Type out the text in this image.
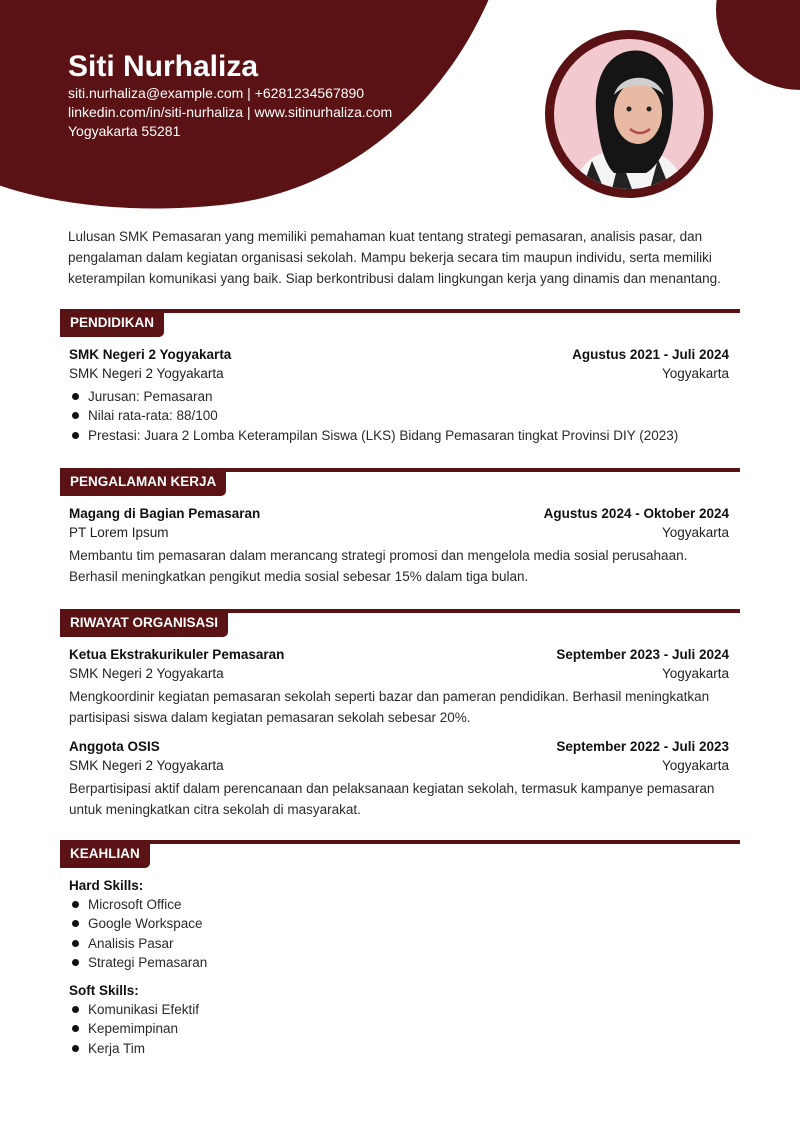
Siti Nurhaliza
siti.nurhaliza@example.com | +6281234567890
linkedin.com/in/siti-nurhaliza | www.sitinurhaliza.com
Yogyakarta 55281

Lulusan SMK Pemasaran yang memiliki pemahaman kuat tentang strategi pemasaran, analisis pasar, dan pengalaman dalam kegiatan organisasi sekolah. Mampu bekerja secara tim maupun individu, serta memiliki keterampilan komunikasi yang baik. Siap berkontribusi dalam lingkungan kerja yang dinamis dan menantang.

PENDIDIKAN
SMK Negeri 2 Yogyakarta	Agustus 2021 - Juli 2024
SMK Negeri 2 Yogyakarta	Yogyakarta
Jurusan: Pemasaran
Nilai rata-rata: 88/100
Prestasi: Juara 2 Lomba Keterampilan Siswa (LKS) Bidang Pemasaran tingkat Provinsi DIY (2023)
PENGALAMAN KERJA
Magang di Bagian Pemasaran	Agustus 2024 - Oktober 2024
PT Lorem Ipsum	Yogyakarta
Membantu tim pemasaran dalam merancang strategi promosi dan mengelola media sosial perusahaan. Berhasil meningkatkan pengikut media sosial sebesar 15% dalam tiga bulan.
RIWAYAT ORGANISASI
Ketua Ekstrakurikuler Pemasaran	September 2023 - Juli 2024
SMK Negeri 2 Yogyakarta	Yogyakarta
Mengkoordinir kegiatan pemasaran sekolah seperti bazar dan pameran pendidikan. Berhasil meningkatkan partisipasi siswa dalam kegiatan pemasaran sekolah sebesar 20%.
Anggota OSIS	September 2022 - Juli 2023
SMK Negeri 2 Yogyakarta	Yogyakarta
Berpartisipasi aktif dalam perencanaan dan pelaksanaan kegiatan sekolah, termasuk kampanye pemasaran untuk meningkatkan citra sekolah di masyarakat.
KEAHLIAN
Hard Skills:
Microsoft Office
Google Workspace
Analisis Pasar
Strategi Pemasaran
Soft Skills:
Komunikasi Efektif
Kepemimpinan
Kerja Tim
